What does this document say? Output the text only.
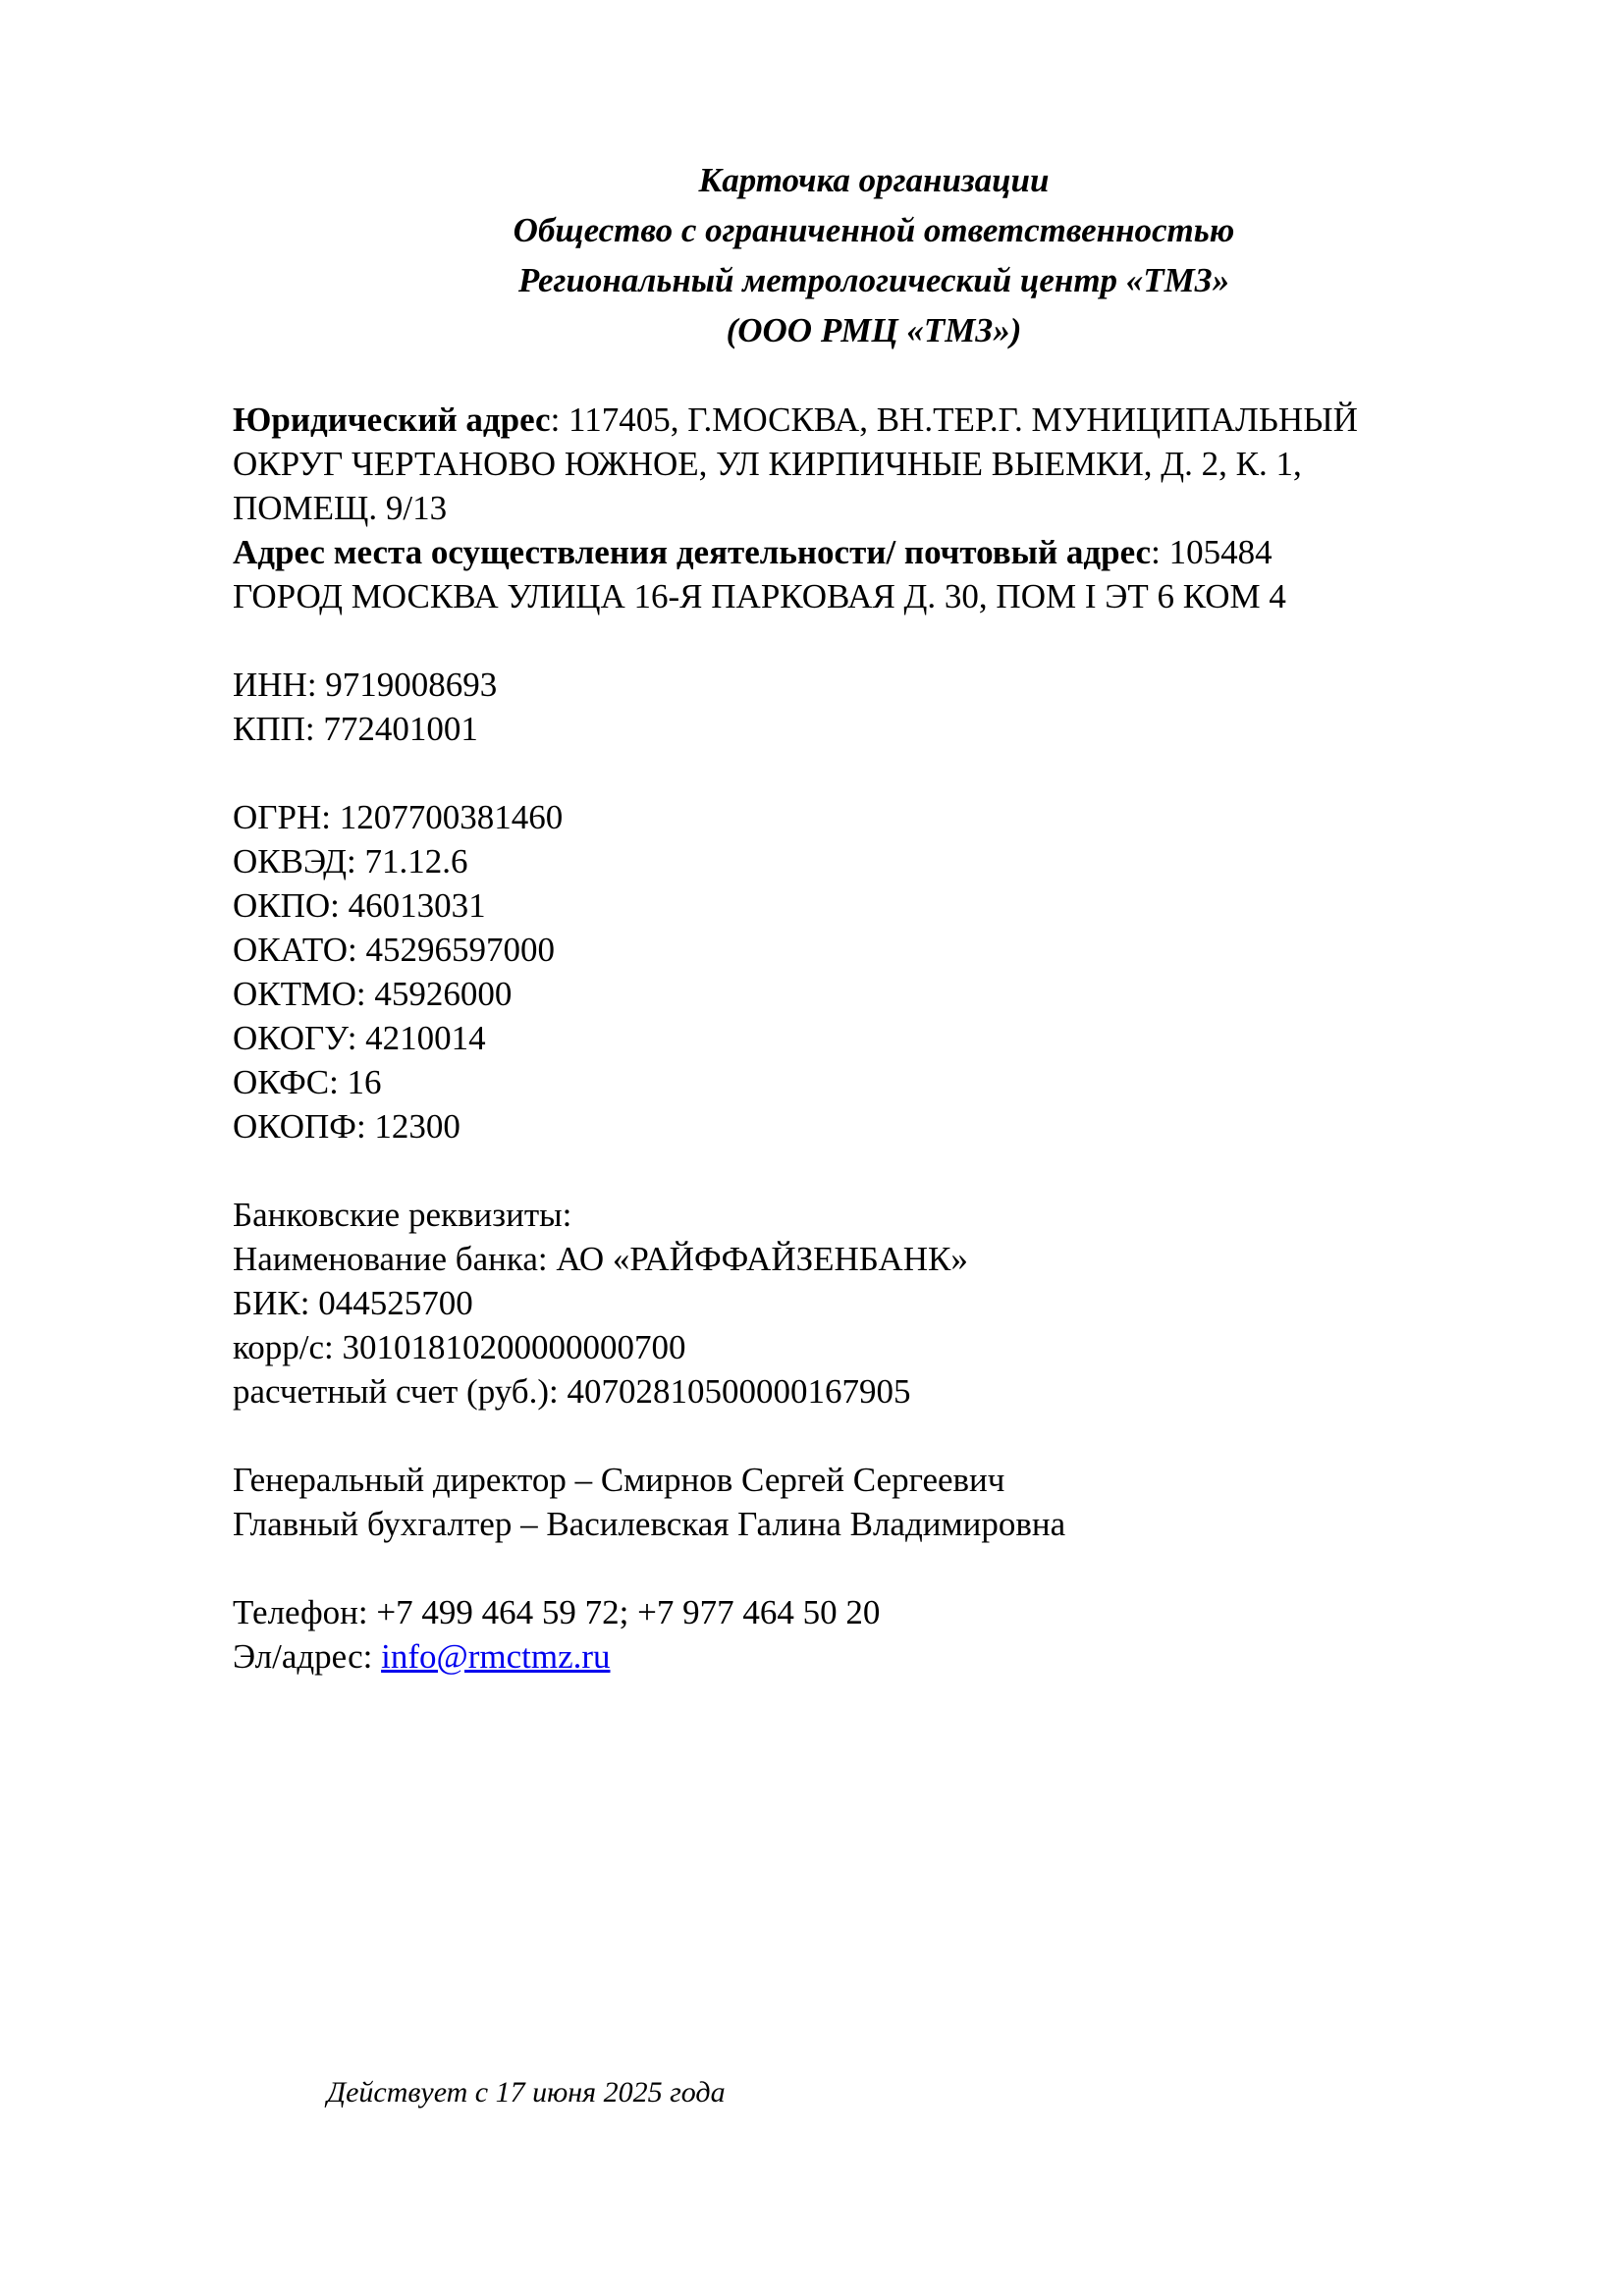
Карточка организации
Общество с ограниченной ответственностью
Региональный метрологический центр «ТМЗ»
(ООО РМЦ «ТМЗ»)
Юридический адрес: 117405, Г.МОСКВА, ВН.ТЕР.Г. МУНИЦИПАЛЬНЫЙ
ОКРУГ ЧЕРТАНОВО ЮЖНОЕ, УЛ КИРПИЧНЫЕ ВЫЕМКИ, Д. 2, К. 1,
ПОМЕЩ. 9/13
Адрес места осуществления деятельности/ почтовый адрес: 105484
ГОРОД МОСКВА УЛИЦА 16-Я ПАРКОВАЯ Д. 30, ПОМ I ЭТ 6 КОМ 4
ИНН: 9719008693
КПП: 772401001
ОГРН: 1207700381460
ОКВЭД: 71.12.6
ОКПО: 46013031
ОКАТО: 45296597000
ОКТМО: 45926000
ОКОГУ: 4210014
ОКФС: 16
ОКОПФ: 12300
Банковские реквизиты:
Наименование банка: АО «РАЙФФАЙЗЕНБАНК»
БИК: 044525700
корр/с: 30101810200000000700
расчетный счет (руб.): 40702810500000167905
Генеральный директор – Смирнов Сергей Сергеевич
Главный бухгалтер – Василевская Галина Владимировна
Телефон: +7 499 464 59 72; +7 977 464 50 20
Эл/адрес: info@rmctmz.ru
Действует с 17 июня 2025 года
